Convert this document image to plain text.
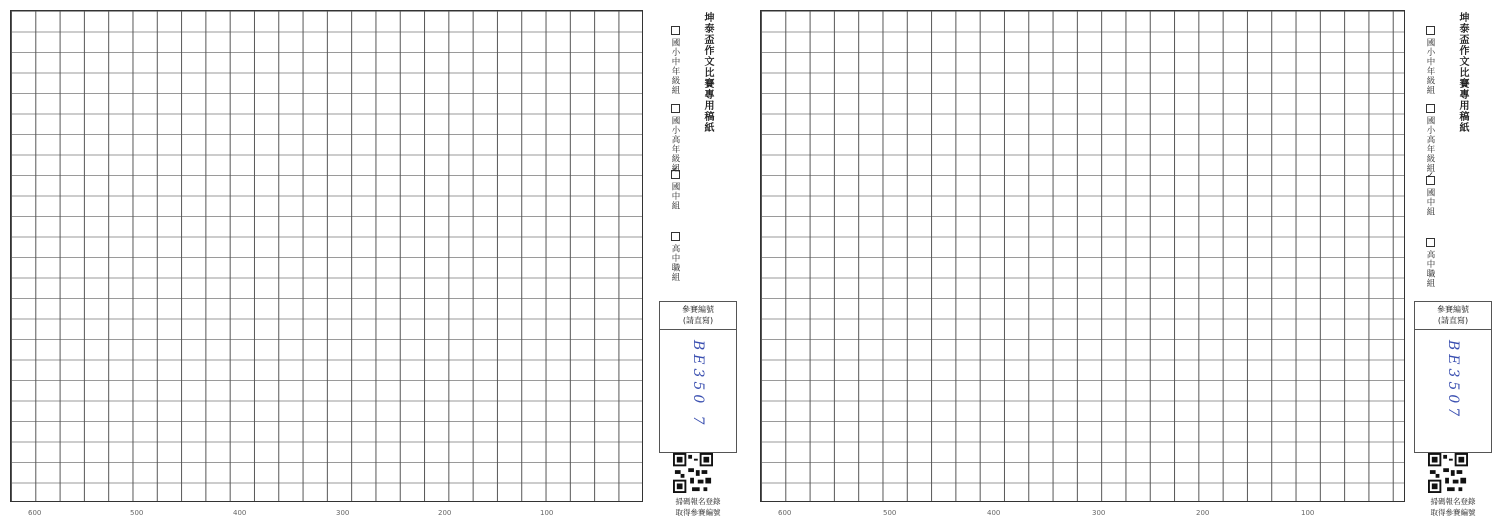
600	500	400	300	200	100
坤泰盃作文比賽專用稿紙
國小中年級組
國小高年級組
✓
國中組
高中職組
參賽編號
(請直寫)
BE350 7
掃碼報名登錄
取得參賽編號	600	500	400	300	200	100
坤泰盃作文比賽專用稿紙
國小中年級組
國小高年級組
✓
國中組
高中職組
參賽編號
(請直寫)
BE3507
掃碼報名登錄
取得參賽編號
